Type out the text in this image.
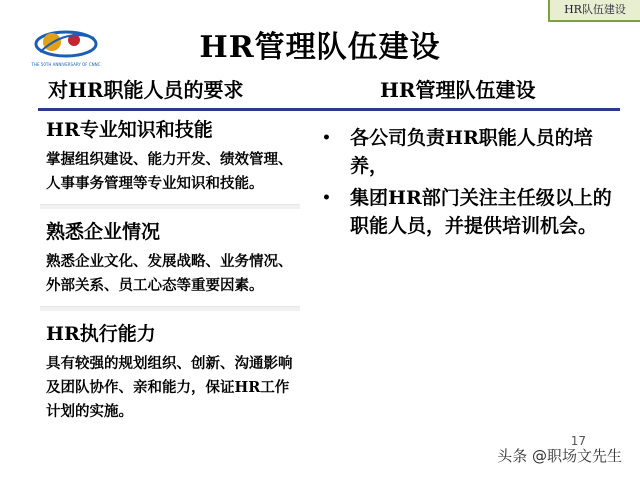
HR队伍建设
THE 50TH ANNIVERSARY OF CNNC	HR管理队伍建设
对HR职能人员的要求	HR管理队伍建设
HR专业知识和技能
掌握组织建设、能力开发、绩效管理、人事事务管理等专业知识和技能。
熟悉企业情况
熟悉企业文化、发展战略、业务情况、外部关系、员工心态等重要因素。
HR执行能力
具有较强的规划组织、创新、沟通影响及团队协作、亲和能力，保证HR工作计划的实施。
•	各公司负责HR职能人员的培养，
•	集团HR部门关注主任级以上的职能人员，并提供培训机会。
17
头条 @职场文先生
